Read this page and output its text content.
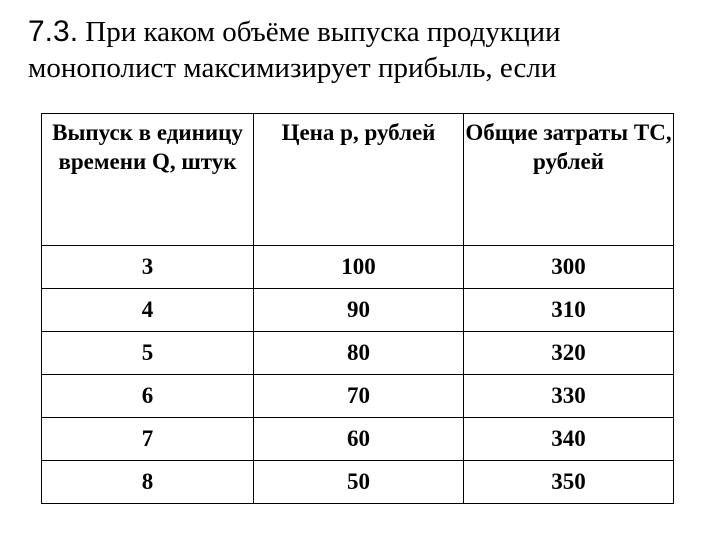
7.3. При каком объёме выпуска продукции монополист максимизирует прибыль, если
Выпуск в единицу времени Q, штук	Цена р, рублей	Общие затраты ТС, рублей
3	100	300
4	90	310
5	80	320
6	70	330
7	60	340
8	50	350
